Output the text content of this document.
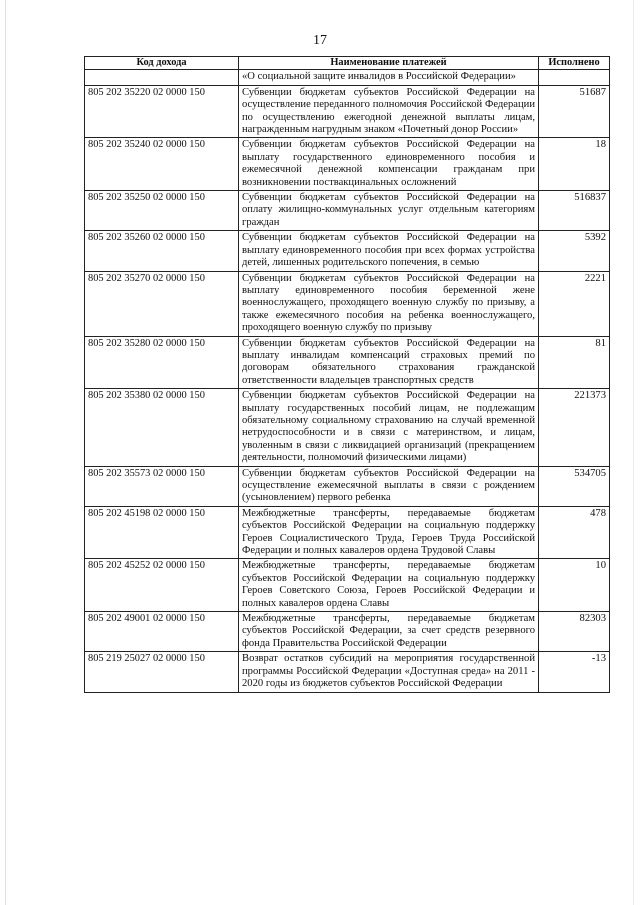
17
Код дохода	Наименование платежей	Исполнено
	«О социальной защите инвалидов в Российской Федерации»	
805 202 35220 02 0000 150	Субвенции бюджетам субъектов Российской Федерации на осуществление переданного полномочия Российской Федерации по осуществлению ежегодной денежной выплаты лицам, награжденным нагрудным знаком «Почетный донор России»	51687
805 202 35240 02 0000 150	Субвенции бюджетам субъектов Российской Федерации на выплату государственного единовременного пособия и ежемесячной денежной компенсации гражданам при возникновении поствакцинальных осложнений	18
805 202 35250 02 0000 150	Субвенции бюджетам субъектов Российской Федерации на оплату жилищно-коммунальных услуг отдельным категориям граждан	516837
805 202 35260 02 0000 150	Субвенции бюджетам субъектов Российской Федерации на выплату единовременного пособия при всех формах устройства детей, лишенных родительского попечения, в семью	5392
805 202 35270 02 0000 150	Субвенции бюджетам субъектов Российской Федерации на выплату единовременного пособия беременной жене военнослужащего, проходящего военную службу по призыву, а также ежемесячного пособия на ребенка военнослужащего, проходящего военную службу по призыву	2221
805 202 35280 02 0000 150	Субвенции бюджетам субъектов Российской Федерации на выплату инвалидам компенсаций страховых премий по договорам обязательного страхования гражданской ответственности владельцев транспортных средств	81
805 202 35380 02 0000 150	Субвенции бюджетам субъектов Российской Федерации на выплату государственных пособий лицам, не подлежащим обязательному социальному страхованию на случай временной нетрудоспособности и в связи с материнством, и лицам, уволенным в связи с ликвидацией организаций (прекращением деятельности, полномочий физическими лицами)	221373
805 202 35573 02 0000 150	Субвенции бюджетам субъектов Российской Федерации на осуществление ежемесячной выплаты в связи с рождением (усыновлением) первого ребенка	534705
805 202 45198 02 0000 150	Межбюджетные трансферты, передаваемые бюджетам субъектов Российской Федерации на социальную поддержку Героев Социалистического Труда, Героев Труда Российской Федерации и полных кавалеров ордена Трудовой Славы	478
805 202 45252 02 0000 150	Межбюджетные трансферты, передаваемые бюджетам субъектов Российской Федерации на социальную поддержку Героев Советского Союза, Героев Российской Федерации и полных кавалеров ордена Славы	10
805 202 49001 02 0000 150	Межбюджетные трансферты, передаваемые бюджетам субъектов Российской Федерации, за счет средств резервного фонда Правительства Российской Федерации	82303
805 219 25027 02 0000 150	Возврат остатков субсидий на мероприятия государственной программы Российской Федерации «Доступная среда» на 2011 - 2020 годы из бюджетов субъектов Российской Федерации	-13
